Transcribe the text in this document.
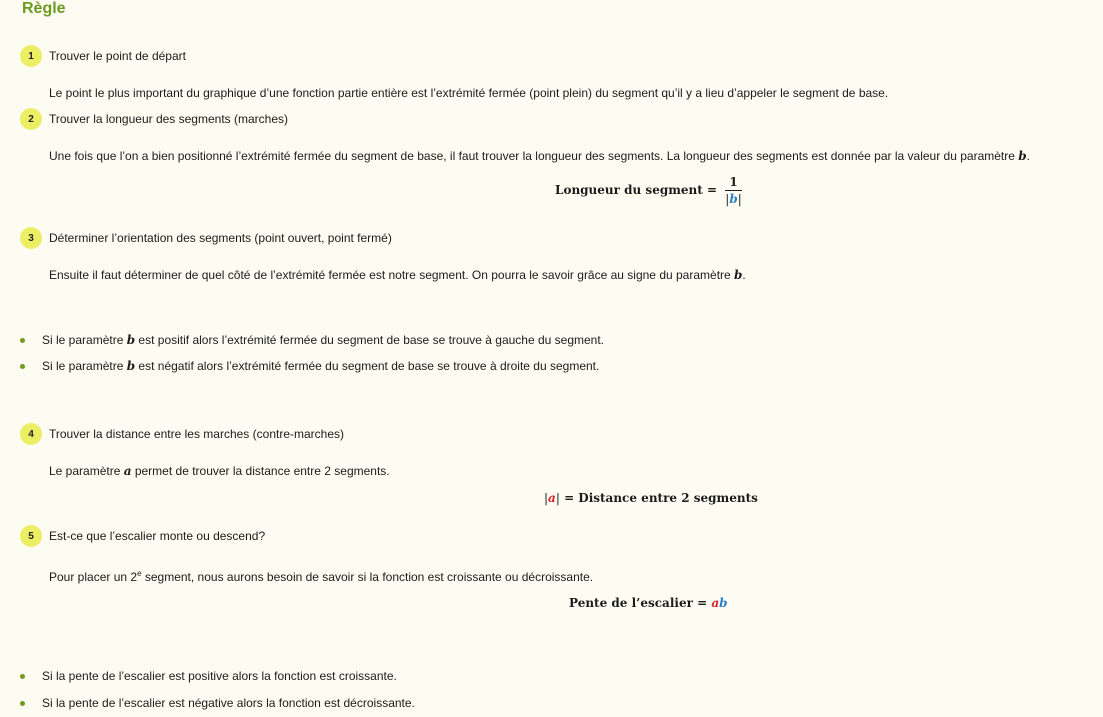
Règle
1	Trouver le point de départ
Le point le plus important du graphique d’une fonction partie entière est l’extrémité fermée (point plein) du segment qu’il y a lieu d’appeler le segment de base.
2	Trouver la longueur des segments (marches)
Une fois que l’on a bien positionné l’extrémité fermée du segment de base, il faut trouver la longueur des segments. La longueur des segments est donnée par la valeur du paramètre b.
Longueur du segment = $\frac{1}{|b|}$
3	Déterminer l’orientation des segments (point ouvert, point fermé)
Ensuite il faut déterminer de quel côté de l’extrémité fermée est notre segment. On pourra le savoir grâce au signe du paramètre b.
Si le paramètre b est positif alors l’extrémité fermée du segment de base se trouve à gauche du segment.
Si le paramètre b est négatif alors l’extrémité fermée du segment de base se trouve à droite du segment.
4	Trouver la distance entre les marches (contre-marches)
Le paramètre a permet de trouver la distance entre 2 segments.
|a| = Distance entre 2 segments
5	Est-ce que l’escalier monte ou descend?
Pour placer un 2e segment, nous aurons besoin de savoir si la fonction est croissante ou décroissante.
Pente de l’escalier = ab
Si la pente de l’escalier est positive alors la fonction est croissante.
Si la pente de l’escalier est négative alors la fonction est décroissante.
